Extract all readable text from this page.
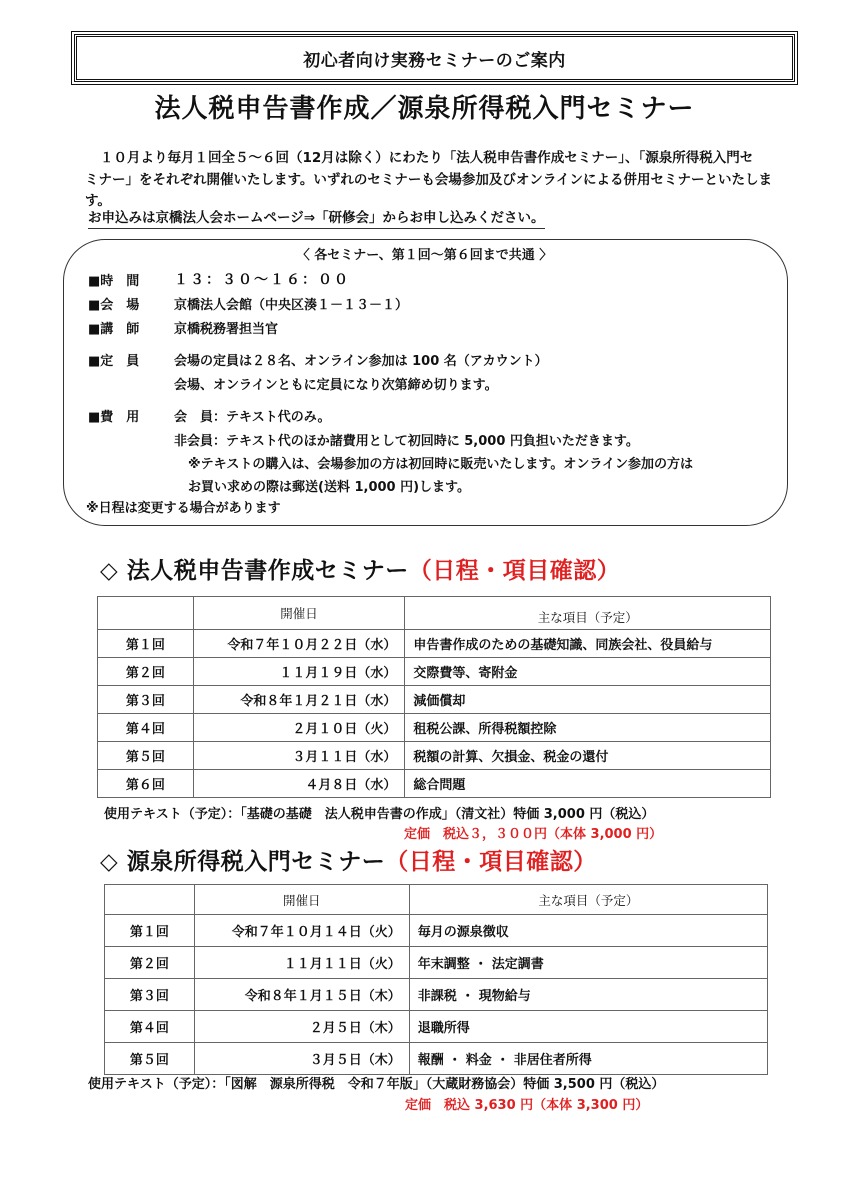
初心者向け実務セミナーのご案内
法人税申告書作成／源泉所得税入門セミナー
１０月より毎月１回全５～６回（12月は除く）にわたり「法人税申告書作成セミナー」、「源泉所得税入門セ
ミナー」をそれぞれ開催いたします。いずれのセミナーも会場参加及びオンラインによる併用セミナーといたしま
す。
お申込みは京橋法人会ホームページ⇒「研修会」からお申し込みください。
〈 各セミナー、第１回～第６回まで共通 〉
■時　間 １３：３０～１６：００
■会　場	京橋法人会館（中央区湊１－１３－１）
■講　師	京橋税務署担当官
■定　員	会場の定員は２８名、オンライン参加は 100 名（アカウント）
会場、オンラインともに定員になり次第締め切ります。
■費　用	会　員：テキスト代のみ。
非会員：テキスト代のほか諸費用として初回時に 5,000 円負担いただきます。
※テキストの購入は、会場参加の方は初回時に販売いたします。オンライン参加の方は
お買い求めの際は郵送(送料 1,000 円)します。
※日程は変更する場合があります
◇ 法人税申告書作成セミナー（日程・項目確認）
	開催日	主な項目（予定）
第１回	令和７年１０月２２日（水）	申告書作成のための基礎知識、同族会社、役員給与
第２回	１１月１９日（水）	交際費等、寄附金
第３回	令和８年１月２１日（水）	減価償却
第４回	２月１０日（火）	租税公課、所得税額控除
第５回	３月１１日（水）	税額の計算、欠損金、税金の還付
第６回	４月８日（水）	総合問題
使用テキスト（予定）：「基礎の基礎　法人税申告書の作成」（清文社）特価 3,000 円（税込）
定価　税込３，３００円（本体 3,000 円）
◇ 源泉所得税入門セミナー（日程・項目確認）
	開催日	主な項目（予定）
第１回	令和７年１０月１４日（火）	毎月の源泉徴収
第２回	１１月１１日（火）	年末調整 ・ 法定調書
第３回	令和８年１月１５日（木）	非課税 ・ 現物給与
第４回	２月５日（木）	退職所得
第５回	３月５日（木）	報酬 ・ 料金 ・ 非居住者所得
使用テキスト（予定）：「図解　源泉所得税　令和７年版」（大蔵財務協会）特価 3,500 円（税込）
定価　税込 3,630 円（本体 3,300 円）
